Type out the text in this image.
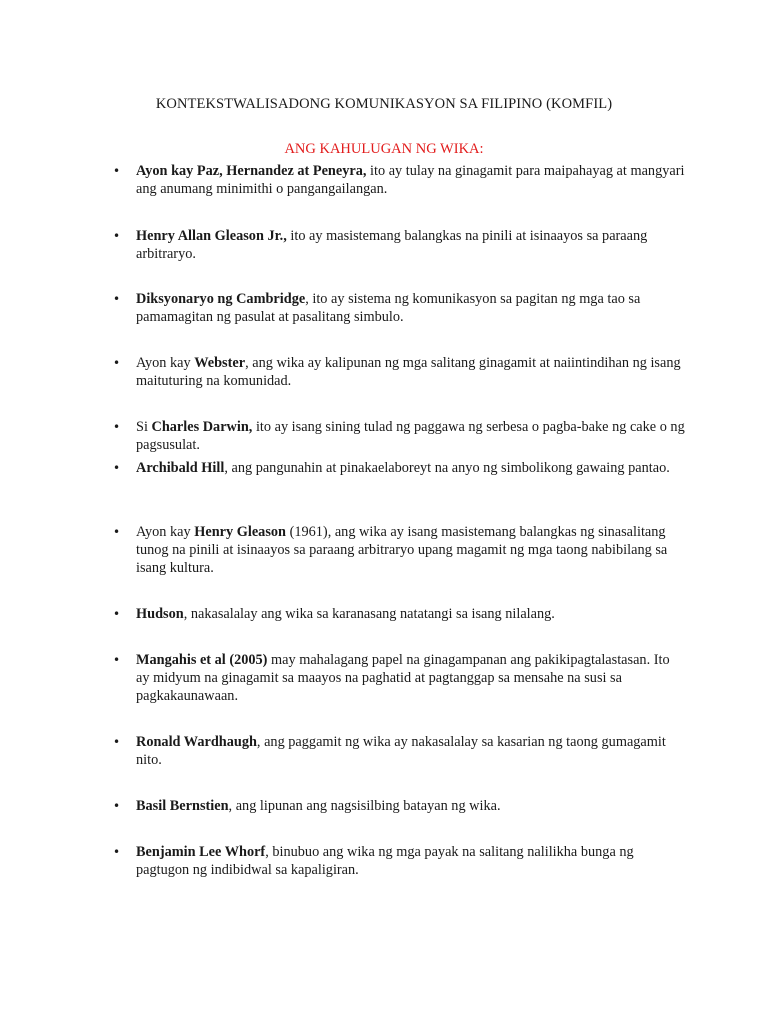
KONTEKSTWALISADONG KOMUNIKASYON SA FILIPINO (KOMFIL)
ANG KAHULUGAN NG WIKA:
•	Ayon kay Paz, Hernandez at Peneyra, ito ay tulay na ginagamit para maipahayag at mangyari ang anumang minimithi o pangangailangan.
•	Henry Allan Gleason Jr., ito ay masistemang balangkas na pinili at isinaayos sa paraang arbitraryo.
•	Diksyonaryo ng Cambridge, ito ay sistema ng komunikasyon sa pagitan ng mga tao sa pamamagitan ng pasulat at pasalitang simbulo.
•	Ayon kay Webster, ang wika ay kalipunan ng mga salitang ginagamit at naiintindihan ng isang maituturing na komunidad.
•	Si Charles Darwin, ito ay isang sining tulad ng paggawa ng serbesa o pagba-bake ng cake o ng pagsusulat.
•	Archibald Hill, ang pangunahin at pinakaelaboreyt na anyo ng simbolikong gawaing pantao.
•	Ayon kay Henry Gleason (1961), ang wika ay isang masistemang balangkas ng sinasalitang tunog na pinili at isinaayos sa paraang arbitraryo upang magamit ng mga taong nabibilang sa isang kultura.
•	Hudson, nakasalalay ang wika sa karanasang natatangi sa isang nilalang.
•	Mangahis et al (2005) may mahalagang papel na ginagampanan ang pakikipagtalastasan. Ito ay midyum na ginagamit sa maayos na paghatid at pagtanggap sa mensahe na susi sa pagkakaunawaan.
•	Ronald Wardhaugh, ang paggamit ng wika ay nakasalalay sa kasarian ng taong gumagamit nito.
•	Basil Bernstien, ang lipunan ang nagsisilbing batayan ng wika.
•	Benjamin Lee Whorf, binubuo ang wika ng mga payak na salitang nalilikha bunga ng pagtugon ng indibidwal sa kapaligiran.
